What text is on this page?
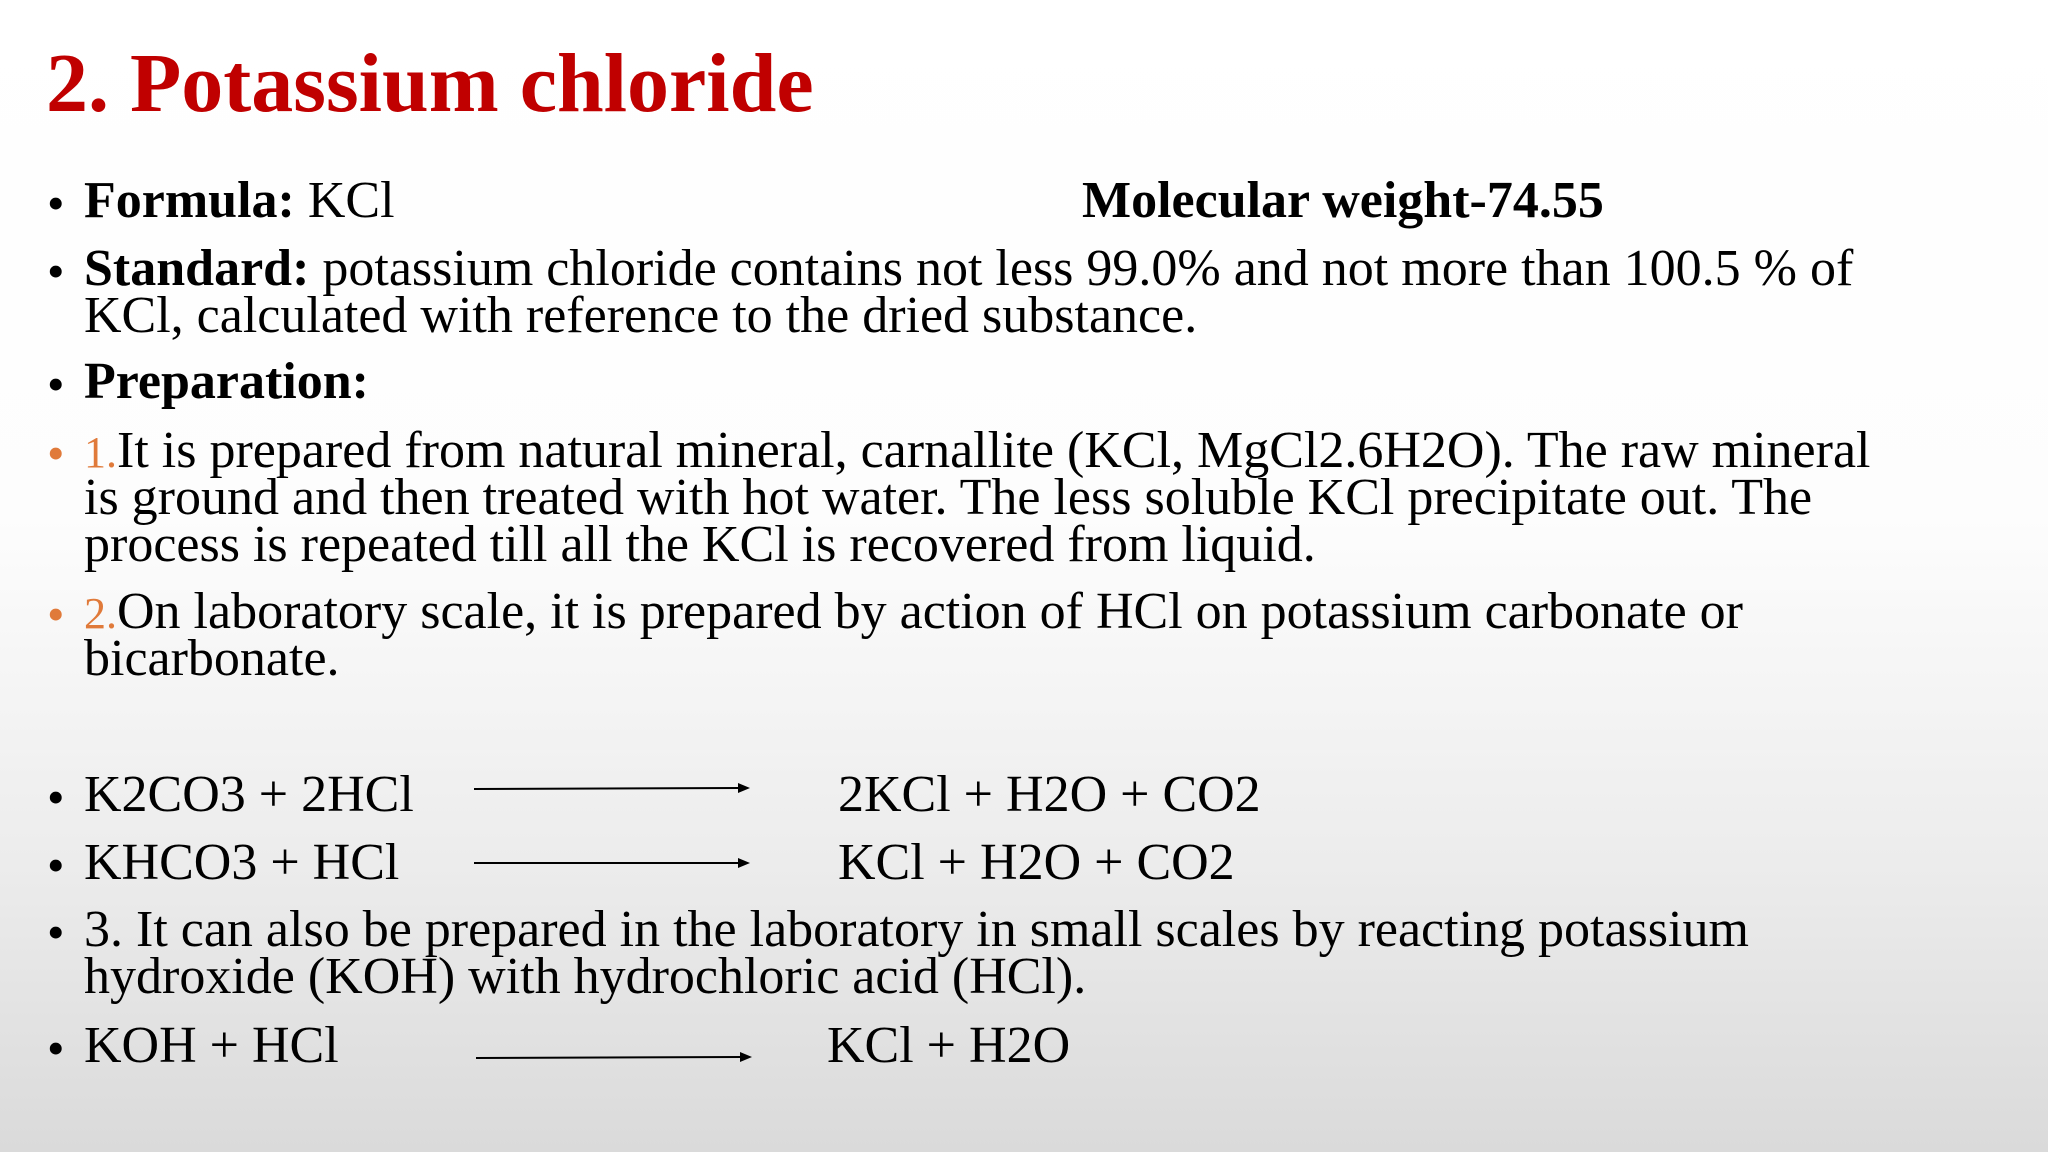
2. Potassium chloride
• Formula: KCl	Molecular weight-74.55
• Standard: potassium chloride contains not less 99.0% and not more than 100.5 % of
KCl, calculated with reference to the dried substance.
• Preparation:
• 1.It is prepared from natural mineral, carnallite (KCl, MgCl2.6H2O). The raw mineral
is ground and then treated with hot water. The less soluble KCl precipitate out. The
process is repeated till all the KCl is recovered from liquid.
• 2.On laboratory scale, it is prepared by action of HCl on potassium carbonate or
bicarbonate.
• K2CO3 + 2HCl	2KCl + H2O + CO2
• KHCO3 + HCl	KCl + H2O + CO2
• 3. It can also be prepared in the laboratory in small scales by reacting potassium
hydroxide (KOH) with hydrochloric acid (HCl).
• KOH + HCl	KCl + H2O
